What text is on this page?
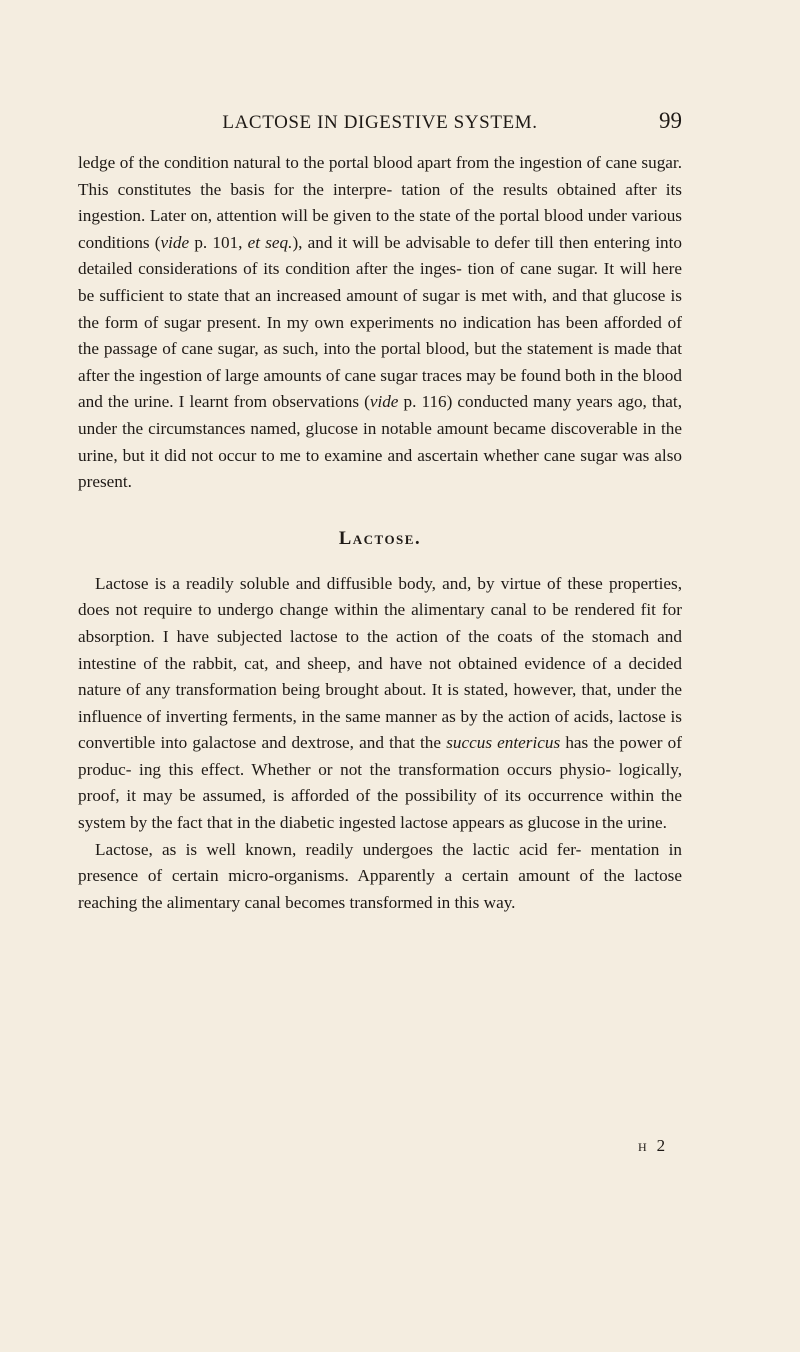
LACTOSE IN DIGESTIVE SYSTEM.	99

ledge of the condition natural to the portal blood apart from the ingestion of cane sugar. This constitutes the basis for the interpre- tation of the results obtained after its ingestion. Later on, attention will be given to the state of the portal blood under various conditions (vide p. 101, et seq.), and it will be advisable to defer till then entering into detailed considerations of its condition after the inges- tion of cane sugar. It will here be sufficient to state that an increased amount of sugar is met with, and that glucose is the form of sugar present. In my own experiments no indication has been afforded of the passage of cane sugar, as such, into the portal blood, but the statement is made that after the ingestion of large amounts of cane sugar traces may be found both in the blood and the urine. I learnt from observations (vide p. 116) conducted many years ago, that, under the circumstances named, glucose in notable amount became discoverable in the urine, but it did not occur to me to examine and ascertain whether cane sugar was also present.

Lactose.

Lactose is a readily soluble and diffusible body, and, by virtue of these properties, does not require to undergo change within the alimentary canal to be rendered fit for absorption. I have subjected lactose to the action of the coats of the stomach and intestine of the rabbit, cat, and sheep, and have not obtained evidence of a decided nature of any transformation being brought about. It is stated, however, that, under the influence of inverting ferments, in the same manner as by the action of acids, lactose is convertible into galactose and dextrose, and that the succus entericus has the power of produc- ing this effect. Whether or not the transformation occurs physio- logically, proof, it may be assumed, is afforded of the possibility of its occurrence within the system by the fact that in the diabetic ingested lactose appears as glucose in the urine.

Lactose, as is well known, readily undergoes the lactic acid fer- mentation in presence of certain micro-organisms. Apparently a certain amount of the lactose reaching the alimentary canal becomes transformed in this way.

H 2
